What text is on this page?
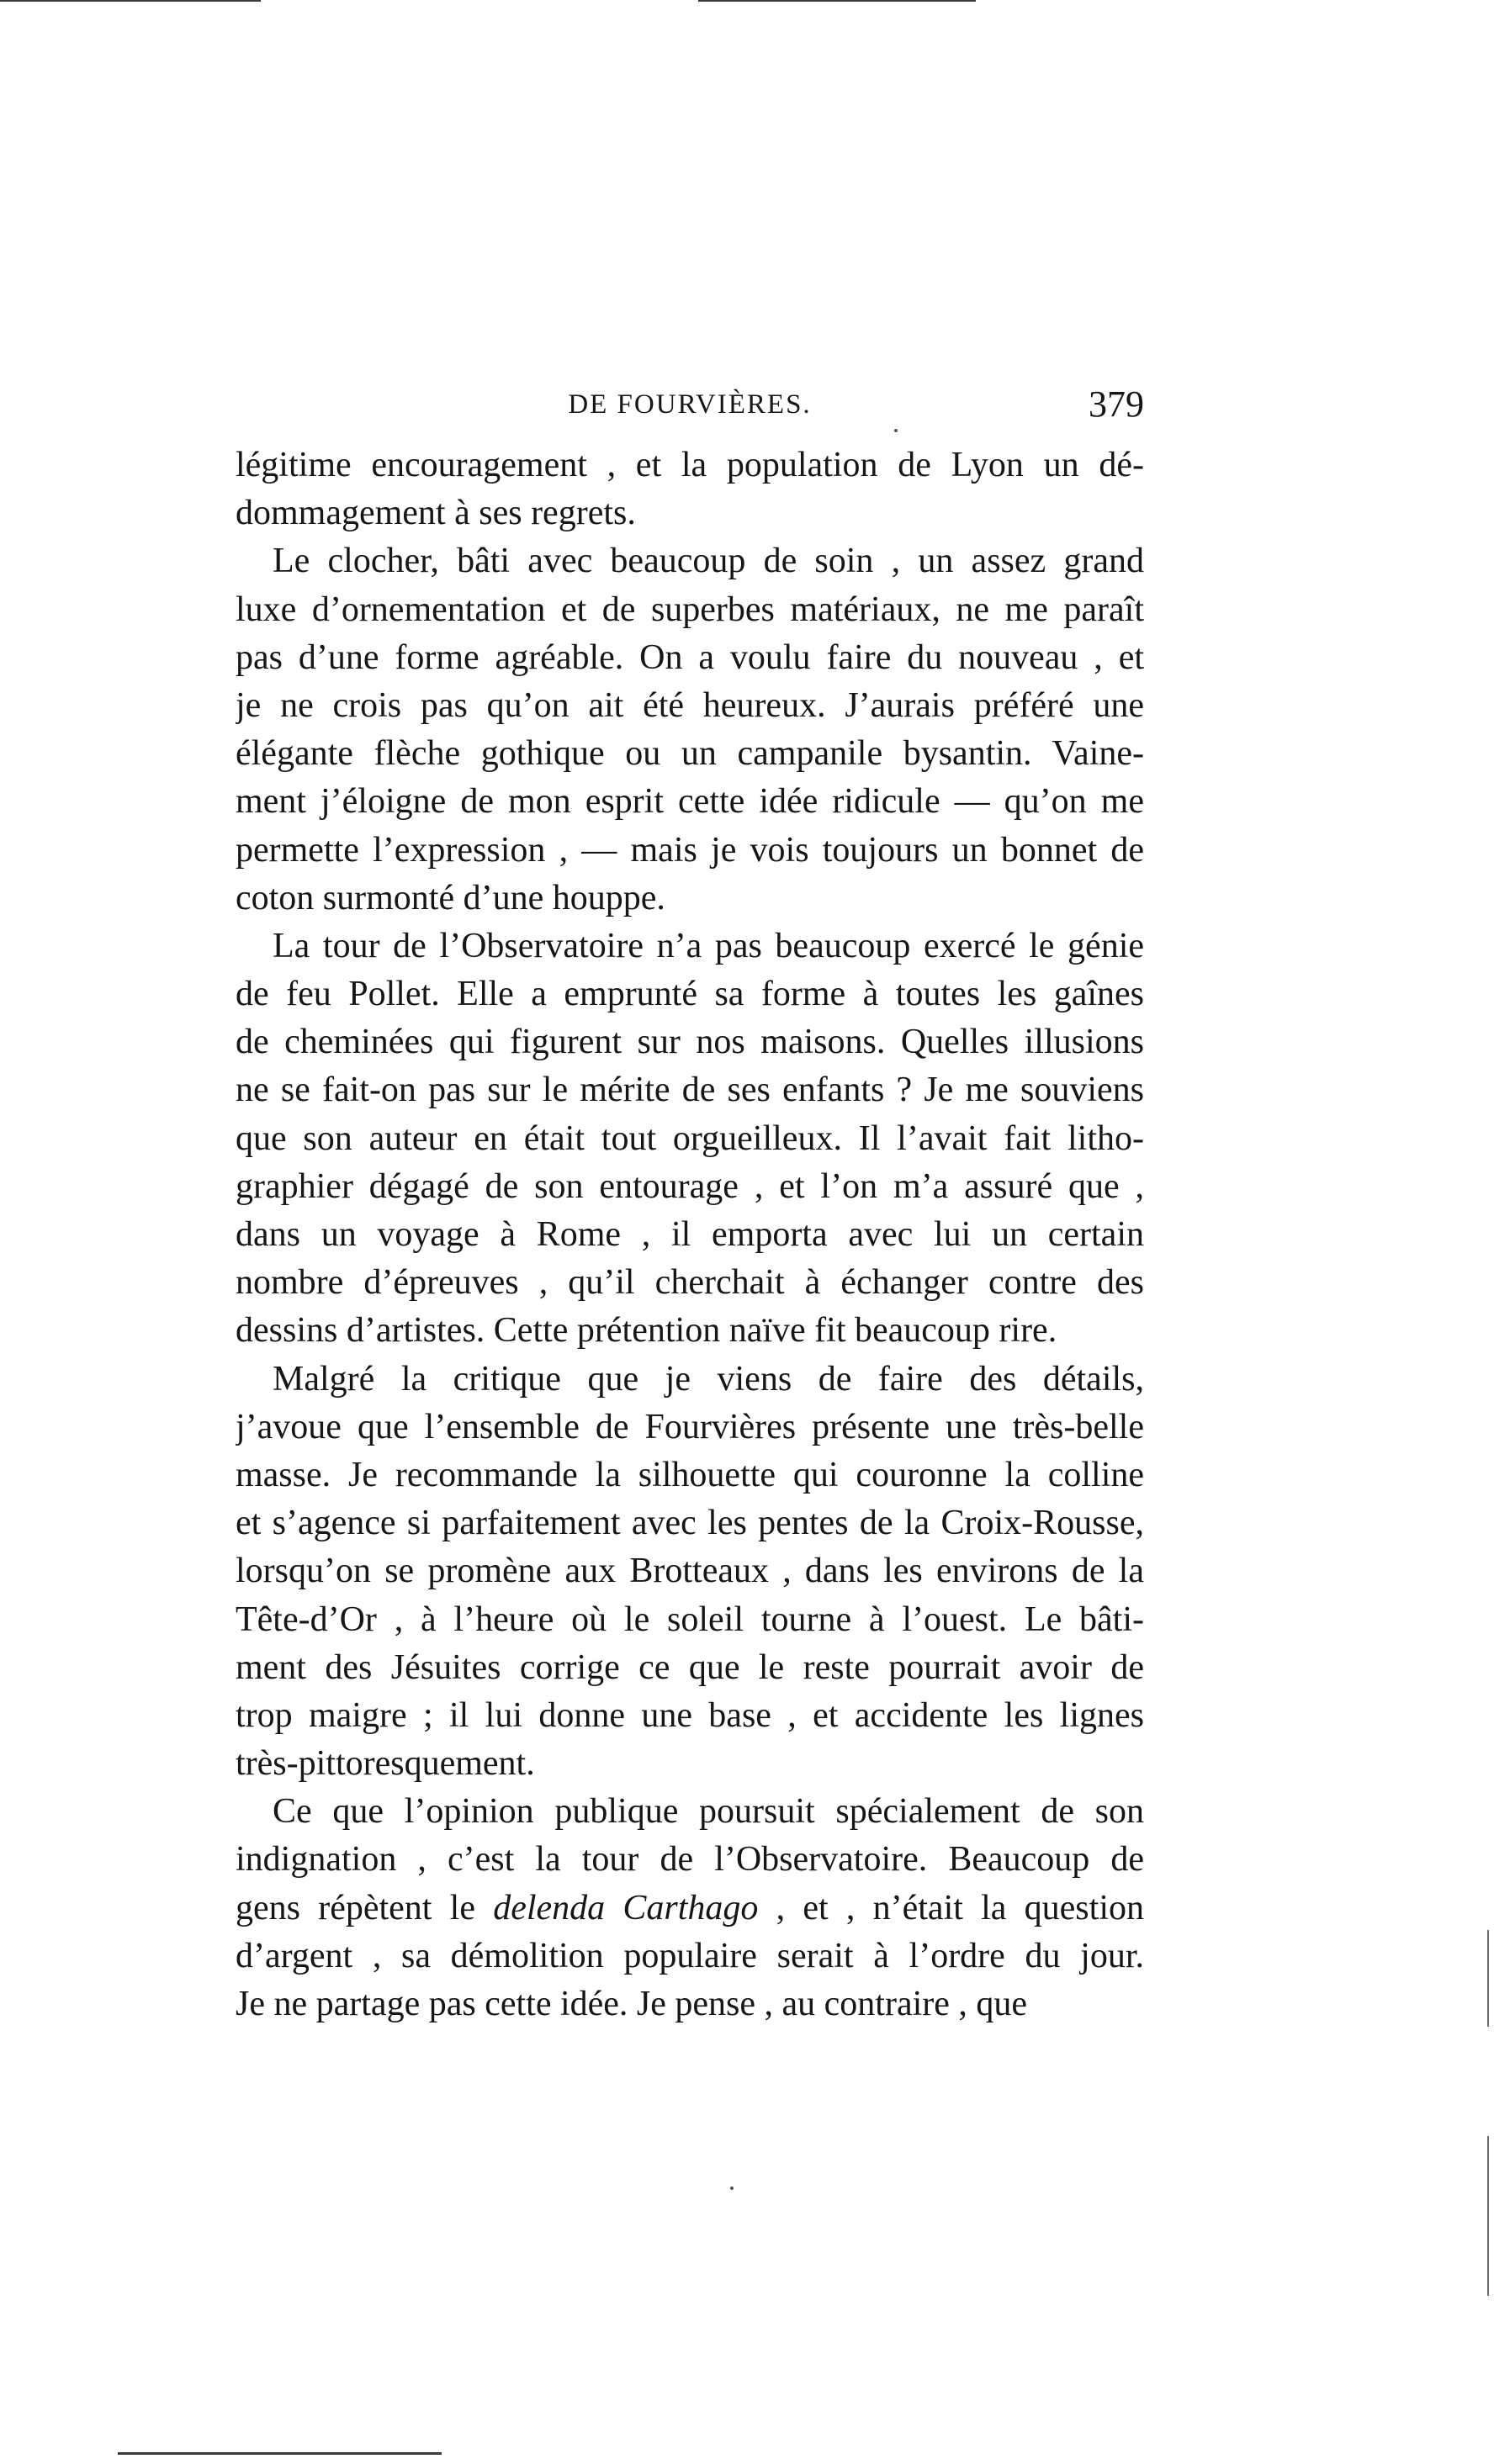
DE FOURVIÈRES.	379
légitime encouragement , et la population de Lyon un dé-
dommagement à ses regrets.
Le clocher, bâti avec beaucoup de soin , un assez grand
luxe d’ornementation et de superbes matériaux, ne me paraît
pas d’une forme agréable. On a voulu faire du nouveau , et
je ne crois pas qu’on ait été heureux. J’aurais préféré une
élégante flèche gothique ou un campanile bysantin. Vaine-
ment j’éloigne de mon esprit cette idée ridicule — qu’on me
permette l’expression , — mais je vois toujours un bonnet de
coton surmonté d’une houppe.
La tour de l’Observatoire n’a pas beaucoup exercé le génie
de feu Pollet. Elle a emprunté sa forme à toutes les gaînes
de cheminées qui figurent sur nos maisons. Quelles illusions
ne se fait-on pas sur le mérite de ses enfants ? Je me souviens
que son auteur en était tout orgueilleux. Il l’avait fait litho-
graphier dégagé de son entourage , et l’on m’a assuré que ,
dans un voyage à Rome , il emporta avec lui un certain
nombre d’épreuves , qu’il cherchait à échanger contre des
dessins d’artistes. Cette prétention naïve fit beaucoup rire.
Malgré la critique que je viens de faire des détails,
j’avoue que l’ensemble de Fourvières présente une très-belle
masse. Je recommande la silhouette qui couronne la colline
et s’agence si parfaitement avec les pentes de la Croix-Rousse,
lorsqu’on se promène aux Brotteaux , dans les environs de la
Tête-d’Or , à l’heure où le soleil tourne à l’ouest. Le bâti-
ment des Jésuites corrige ce que le reste pourrait avoir de
trop maigre ; il lui donne une base , et accidente les lignes
très-pittoresquement.
Ce que l’opinion publique poursuit spécialement de son
indignation , c’est la tour de l’Observatoire. Beaucoup de
gens répètent le delenda Carthago , et , n’était la question
d’argent , sa démolition populaire serait à l’ordre du jour.
Je ne partage pas cette idée. Je pense , au contraire , que
